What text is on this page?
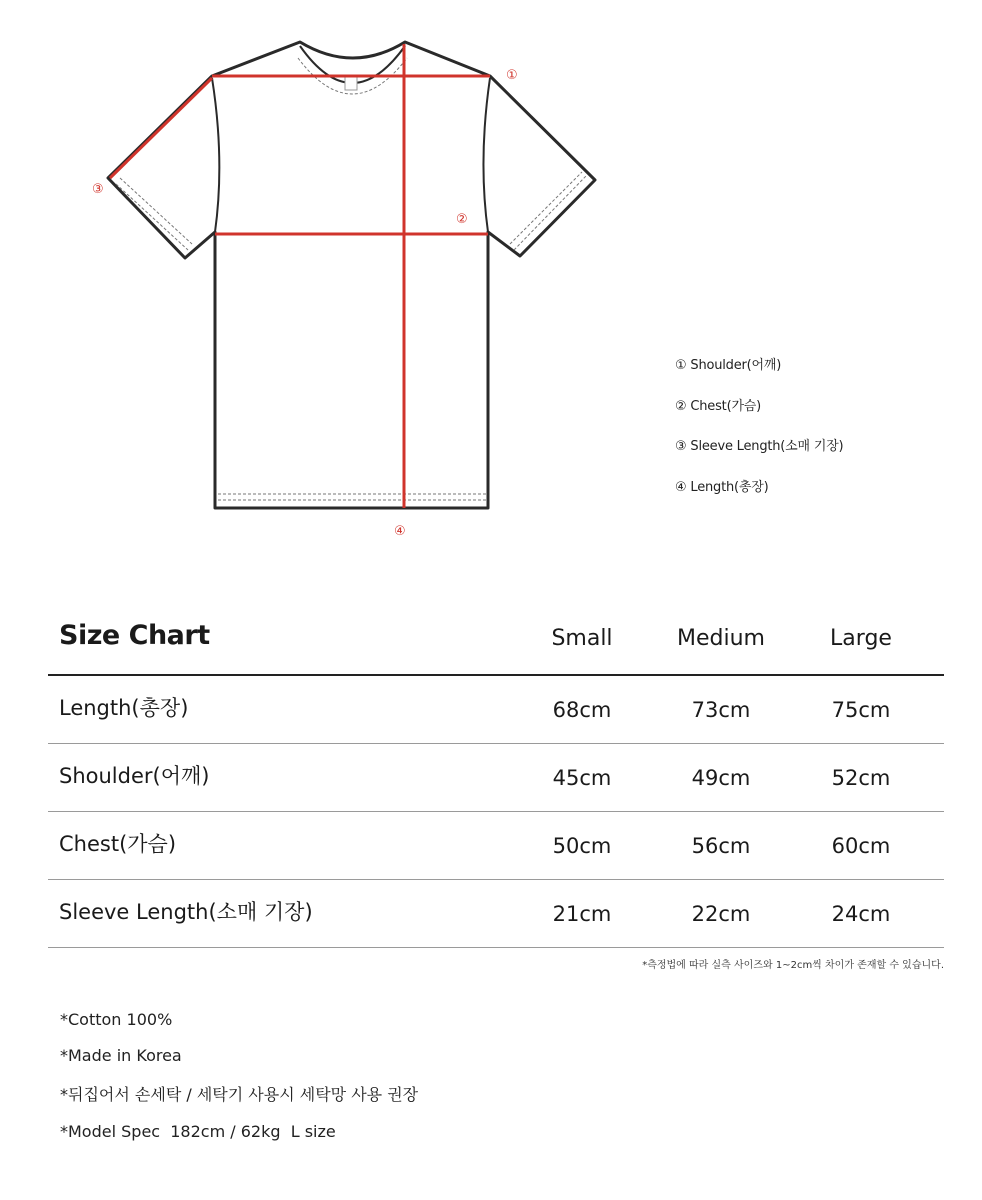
①
②
③
④
① Shoulder(어깨)
② Chest(가슴)
③ Sleeve Length(소매 기장)
④ Length(총장)
Size Chart	Small	Medium	Large
Length(총장)	68cm	73cm	75cm
Shoulder(어깨)	45cm	49cm	52cm
Chest(가슴)	50cm	56cm	60cm
Sleeve Length(소매 기장)	21cm	22cm	24cm
*측정법에 따라 실측 사이즈와 1~2cm씩 차이가 존재할 수 있습니다.
*Cotton 100%
*Made in Korea
*뒤집어서 손세탁 / 세탁기 사용시 세탁망 사용 권장
*Model Spec  182cm / 62kg  L size
